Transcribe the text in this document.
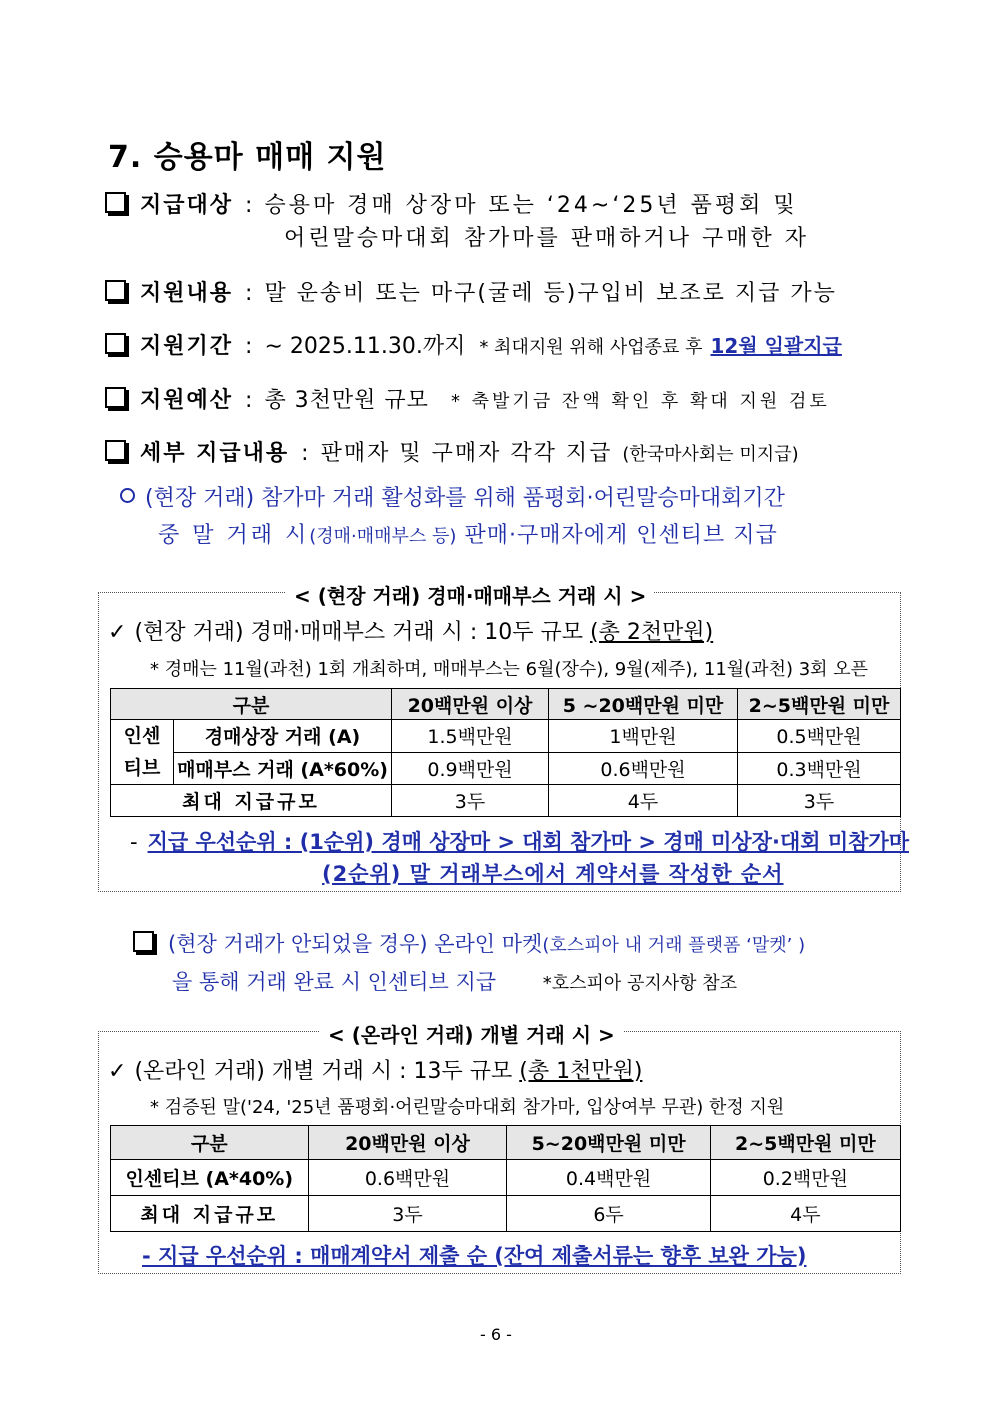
7. 승용마 매매 지원
지급대상 : 승용마 경매 상장마 또는 ‘24~‘25년 품평회 및
어린말승마대회 참가마를 판매하거나 구매한 자
지원내용 : 말 운송비 또는 마구(굴레 등)구입비 보조로 지급 가능
지원기간 : ∼ 2025.11.30.까지 * 최대지원 위해 사업종료 후 12월 일괄지급
지원예산 : 총 3천만원 규모 * 축발기금 잔액 확인 후 확대 지원 검토
세부 지급내용 : 판매자 및 구매자 각각 지급 (한국마사회는 미지급)
(현장 거래) 참가마 거래 활성화를 위해 품평회·어린말승마대회기간
중 말 거래 시(경매·매매부스 등) 판매·구매자에게 인센티브 지급
< (현장 거래) 경매·매매부스 거래 시 >
✓ (현장 거래) 경매·매매부스 거래 시 : 10두 규모 (총 2천만원)
* 경매는 11월(과천) 1회 개최하며, 매매부스는 6월(장수), 9월(제주), 11월(과천) 3회 오픈
구분		20백만원 이상	5 ~20백만원 미만	2~5백만원 미만
인센
티브	경매상장 거래 (A)	1.5백만원	1백만원	0.5백만원
	매매부스 거래 (A*60%)	0.9백만원	0.6백만원	0.3백만원
최대 지급규모		3두	4두	3두
- 지급 우선순위 : (1순위) 경매 상장마 > 대회 참가마 > 경매 미상장·대회 미참가마
(2순위) 말 거래부스에서 계약서를 작성한 순서
(현장 거래가 안되었을 경우) 온라인 마켓(호스피아 내 거래 플랫폼 ‘말켓’ )
을 통해 거래 완료 시 인센티브 지급	*호스피아 공지사항 참조
< (온라인 거래) 개별 거래 시 >
✓ (온라인 거래) 개별 거래 시 : 13두 규모 (총 1천만원)
* 검증된 말('24, '25년 품평회·어린말승마대회 참가마, 입상여부 무관) 한정 지원
구분	20백만원 이상	5~20백만원 미만	2~5백만원 미만
인센티브 (A*40%)	0.6백만원	0.4백만원	0.2백만원
최대 지급규모	3두	6두	4두
- 지급 우선순위 : 매매계약서 제출 순 (잔여 제출서류는 향후 보완 가능)
- 6 -
